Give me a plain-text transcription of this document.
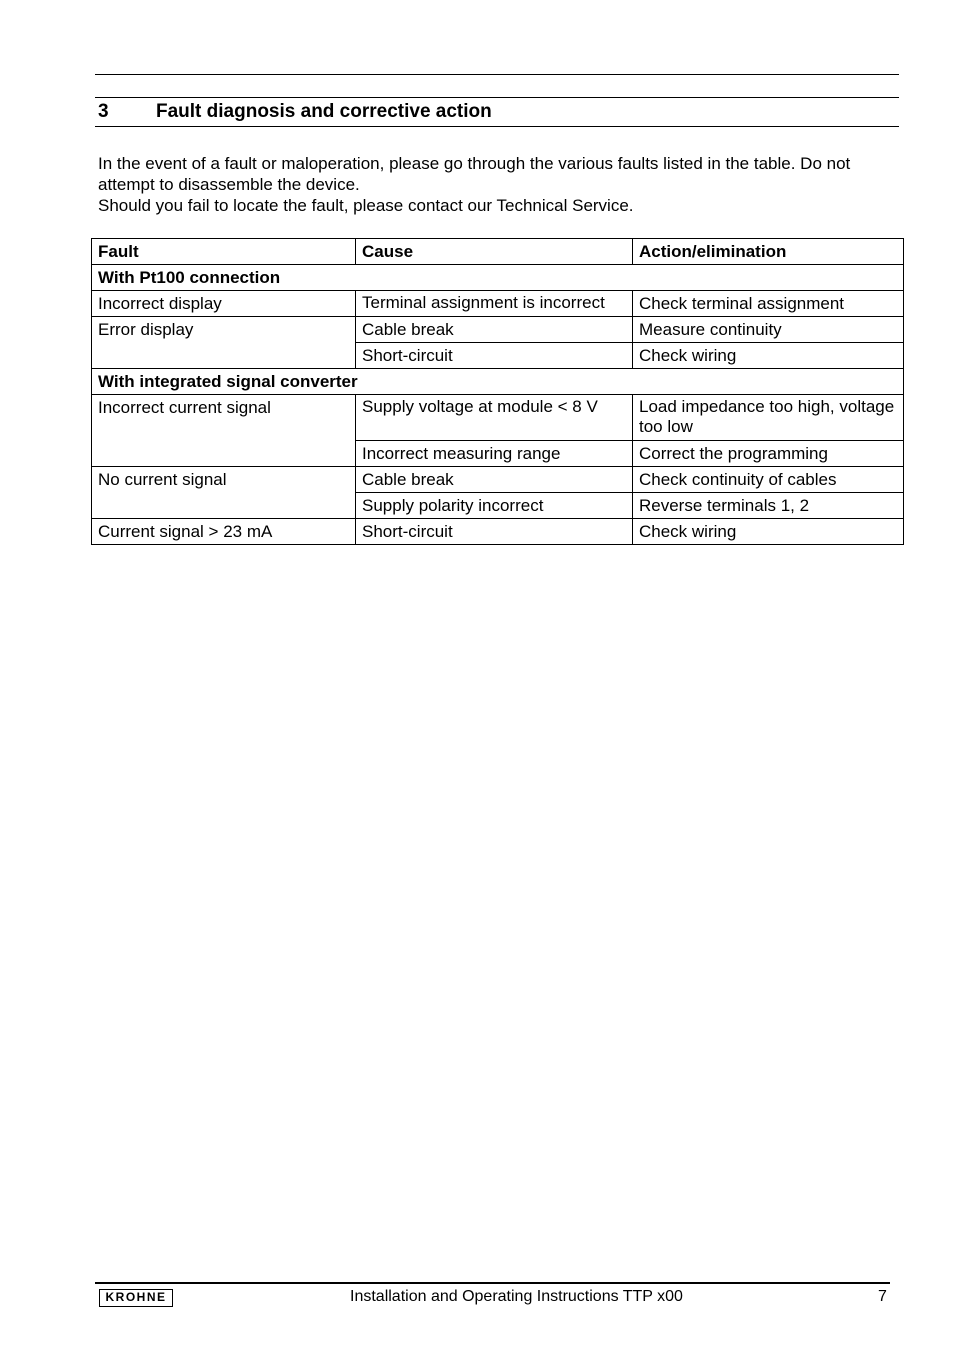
3 Fault diagnosis and corrective action

In the event of a fault or maloperation, please go through the various faults listed in the table. Do not attempt to disassemble the device.

Should you fail to locate the fault, please contact our Technical Service.

Fault	Cause	Action/elimination
With Pt100 connection		
Incorrect display	Terminal assignment is incorrect	Check terminal assignment
Error display	Cable break	Measure continuity
	Short-circuit	Check wiring
With integrated signal converter		
Incorrect current signal	Supply voltage at module < 8 V	Load impedance too high, voltage too low
	Incorrect measuring range	Correct the programming
No current signal	Cable break	Check continuity of cables
	Supply polarity incorrect	Reverse terminals 1, 2
Current signal > 23 mA	Short-circuit	Check wiring
KROHNE	Installation and Operating Instructions TTP x00	7
